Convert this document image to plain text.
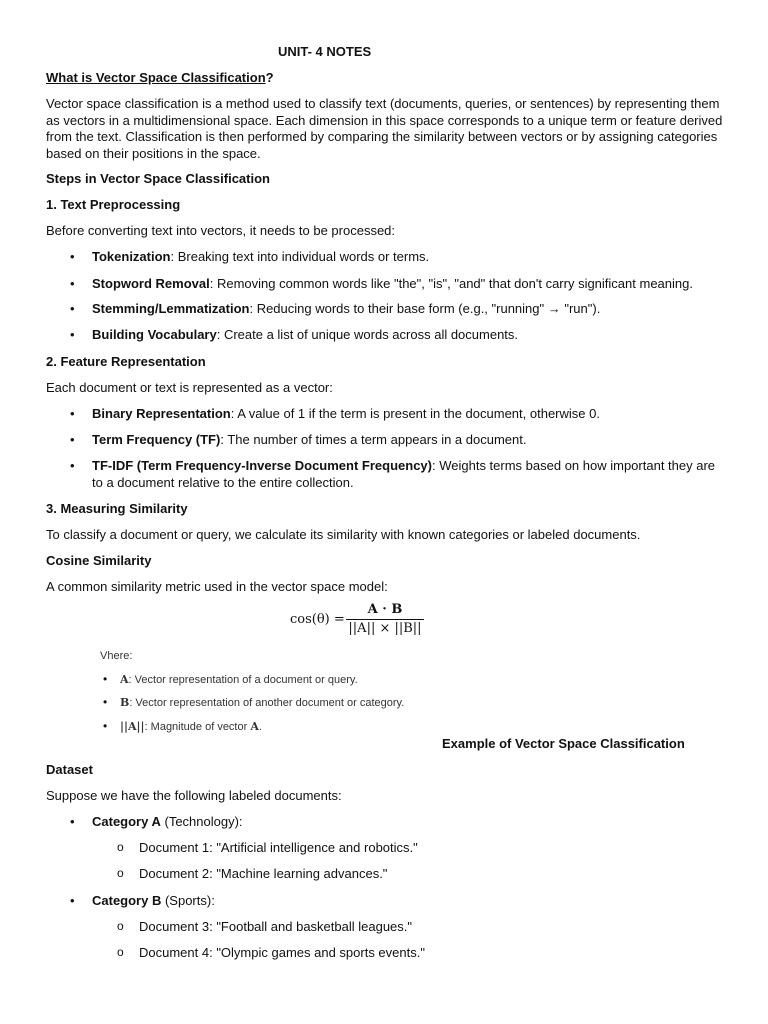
UNIT- 4 NOTES
What is Vector Space Classification?
Vector space classification is a method used to classify text (documents, queries, or sentences) by representing them as vectors in a multidimensional space. Each dimension in this space corresponds to a unique term or feature derived from the text. Classification is then performed by comparing the similarity between vectors or by assigning categories based on their positions in the space.
Steps in Vector Space Classification
1. Text Preprocessing
Before converting text into vectors, it needs to be processed:
• Tokenization: Breaking text into individual words or terms.
• Stopword Removal: Removing common words like "the", "is", "and" that don't carry significant meaning.
• Stemming/Lemmatization: Reducing words to their base form (e.g., "running" → "run").
• Building Vocabulary: Create a list of unique words across all documents.
2. Feature Representation
Each document or text is represented as a vector:
• Binary Representation: A value of 1 if the term is present in the document, otherwise 0.
• Term Frequency (TF): The number of times a term appears in a document.
• TF-IDF (Term Frequency-Inverse Document Frequency): Weights terms based on how important they are to a document relative to the entire collection.
3. Measuring Similarity
To classify a document or query, we calculate its similarity with known categories or labeled documents.
Cosine Similarity
A common similarity metric used in the vector space model:
$\cos(\theta) = \frac{A \cdot B}{||A|| \times ||B||}$
Vhere:
• A: Vector representation of a document or query.
• B: Vector representation of another document or category.
• ||A||: Magnitude of vector A.
Example of Vector Space Classification
Dataset
Suppose we have the following labeled documents:
• Category A (Technology):
o Document 1: "Artificial intelligence and robotics."
o Document 2: "Machine learning advances."
• Category B (Sports):
o Document 3: "Football and basketball leagues."
o Document 4: "Olympic games and sports events."
